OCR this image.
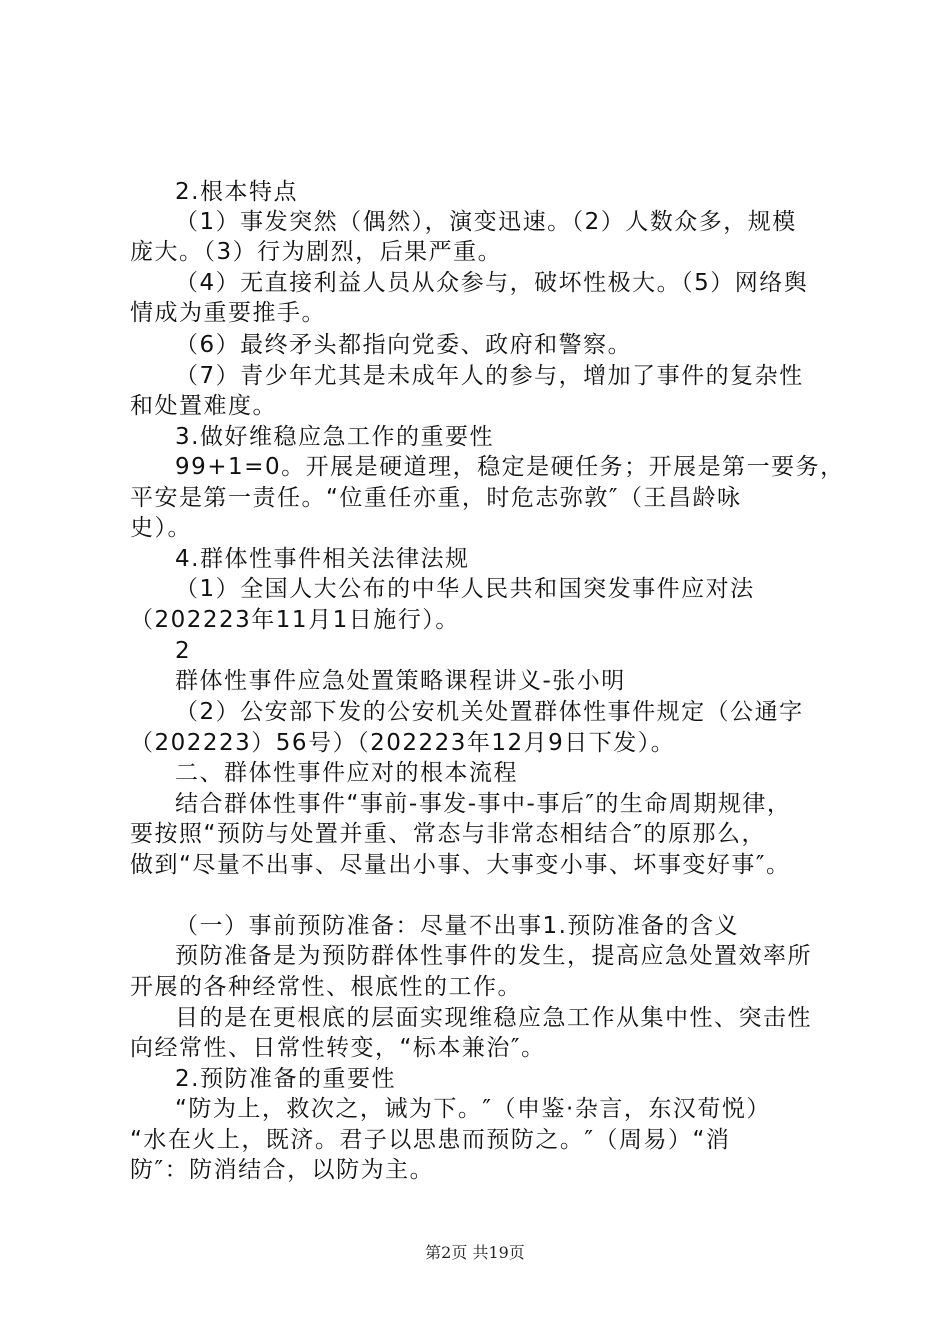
2.根本特点
（1）事发突然（偶然），演变迅速。（2）人数众多，规模
庞大。（3）行为剧烈，后果严重。
（4）无直接利益人员从众参与，破坏性极大。（5）网络舆
情成为重要推手。
（6）最终矛头都指向党委、政府和警察。
（7）青少年尤其是未成年人的参与，增加了事件的复杂性
和处置难度。
3.做好维稳应急工作的重要性
99+1=0。开展是硬道理，稳定是硬任务；开展是第一要务，
平安是第一责任。“位重任亦重，时危志弥敦″（王昌龄咏
史）。
4.群体性事件相关法律法规
（1）全国人大公布的中华人民共和国突发事件应对法
（202223年11月1日施行）。
2
群体性事件应急处置策略课程讲义-张小明
（2）公安部下发的公安机关处置群体性事件规定（公通字
（202223）56号）（202223年12月9日下发）。
二、群体性事件应对的根本流程
结合群体性事件“事前-事发-事中-事后″的生命周期规律，
要按照“预防与处置并重、常态与非常态相结合″的原那么，
做到“尽量不出事、尽量出小事、大事变小事、坏事变好事″。
（一）事前预防准备：尽量不出事1.预防准备的含义
预防准备是为预防群体性事件的发生，提高应急处置效率所
开展的各种经常性、根底性的工作。
目的是在更根底的层面实现维稳应急工作从集中性、突击性
向经常性、日常性转变，“标本兼治″。
2.预防准备的重要性
“防为上，救次之，诫为下。″（申鉴·杂言，东汉荀悦）
“水在火上，既济。君子以思患而预防之。″（周易）“消
防″：防消结合，以防为主。
第2页 共19页
